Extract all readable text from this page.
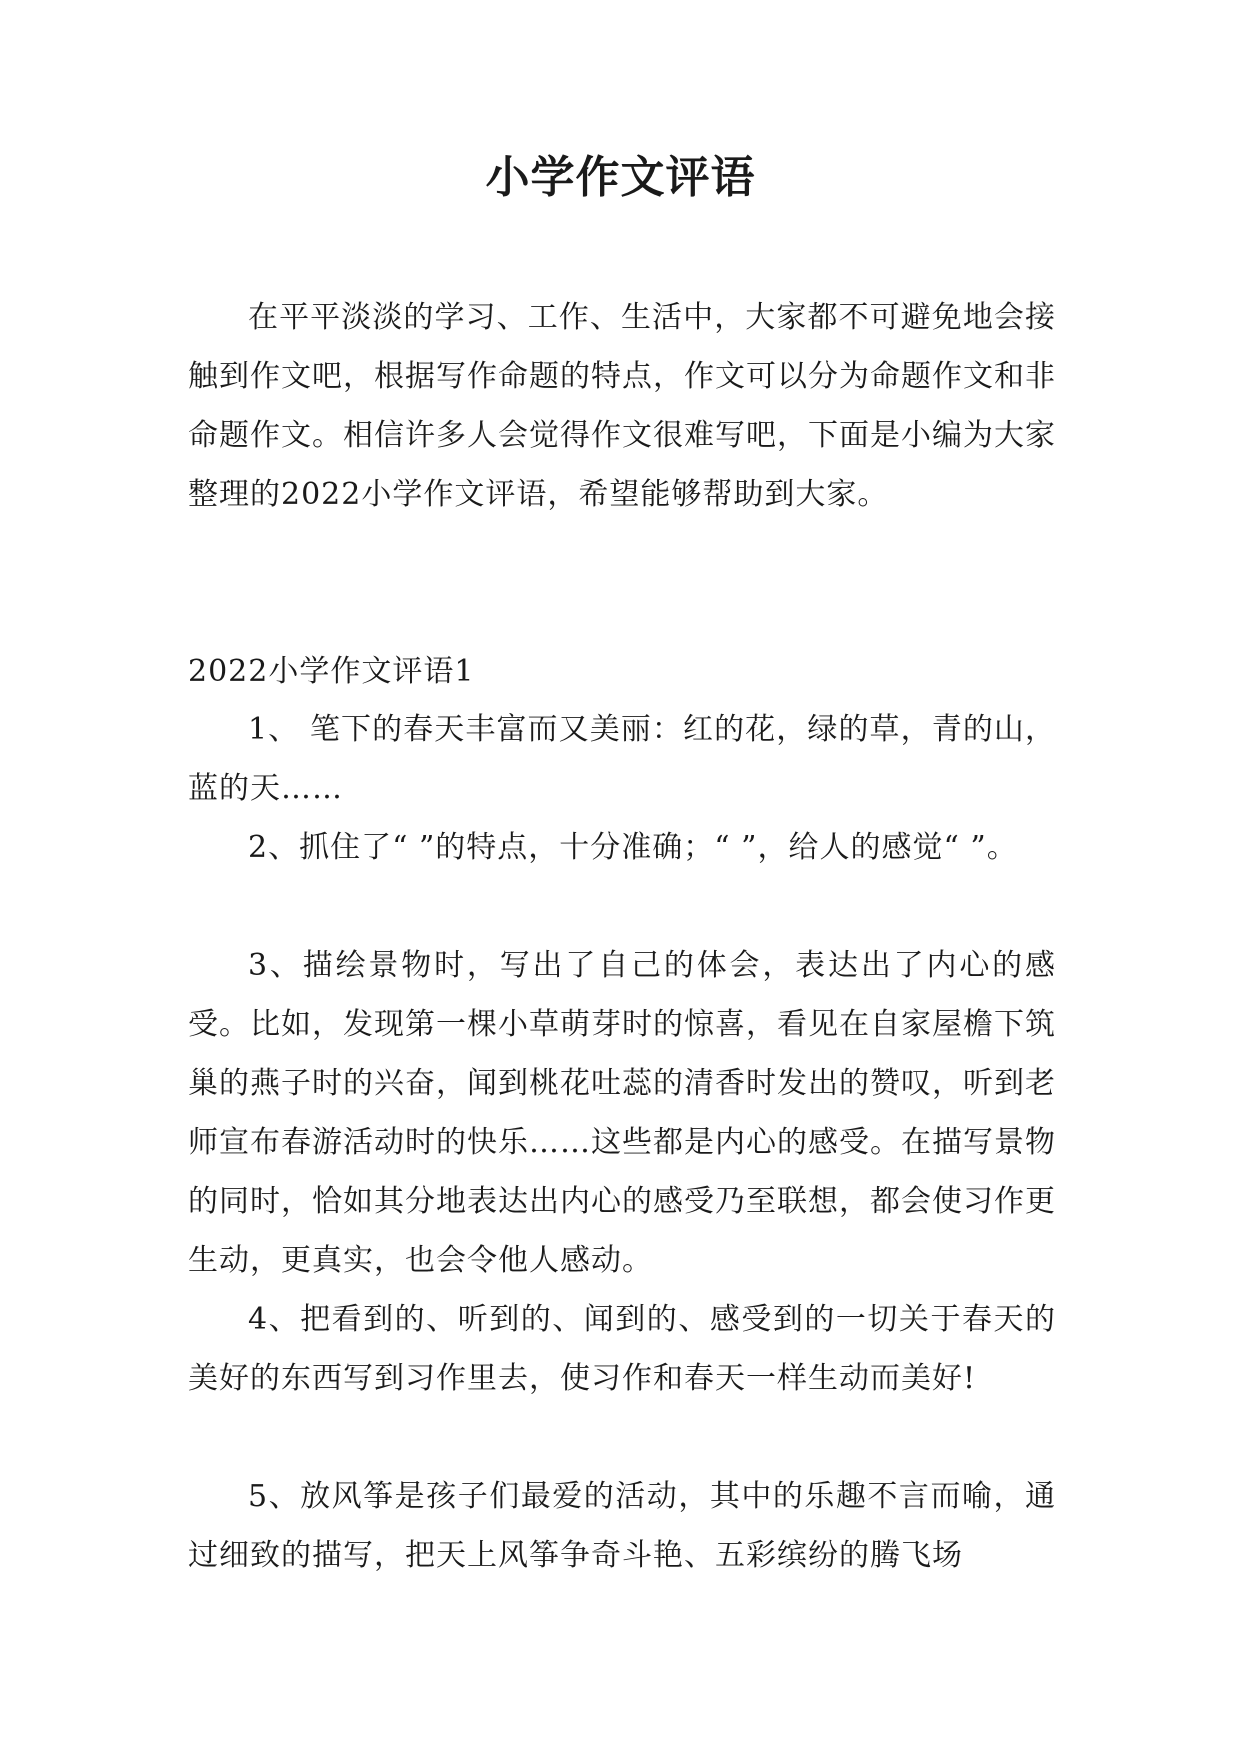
小学作文评语

在平平淡淡的学习、工作、生活中，大家都不可避免地会接触到作文吧，根据写作命题的特点，作文可以分为命题作文和非命题作文。相信许多人会觉得作文很难写吧，下面是小编为大家整理的2022小学作文评语，希望能够帮助到大家。

2022小学作文评语1

1、 笔下的春天丰富而又美丽：红的花，绿的草，青的山，蓝的天……

2、抓住了“ ”的特点，十分准确；“ ”，给人的感觉“ ”。

3、描绘景物时，写出了自己的体会，表达出了内心的感受。比如，发现第一棵小草萌芽时的惊喜，看见在自家屋檐下筑巢的燕子时的兴奋，闻到桃花吐蕊的清香时发出的赞叹，听到老师宣布春游活动时的快乐……这些都是内心的感受。在描写景物的同时，恰如其分地表达出内心的感受乃至联想，都会使习作更生动，更真实，也会令他人感动。

4、把看到的、听到的、闻到的、感受到的一切关于春天的美好的东西写到习作里去，使习作和春天一样生动而美好!

5、放风筝是孩子们最爱的活动，其中的乐趣不言而喻，通过细致的描写，把天上风筝争奇斗艳、五彩缤纷的腾飞场
